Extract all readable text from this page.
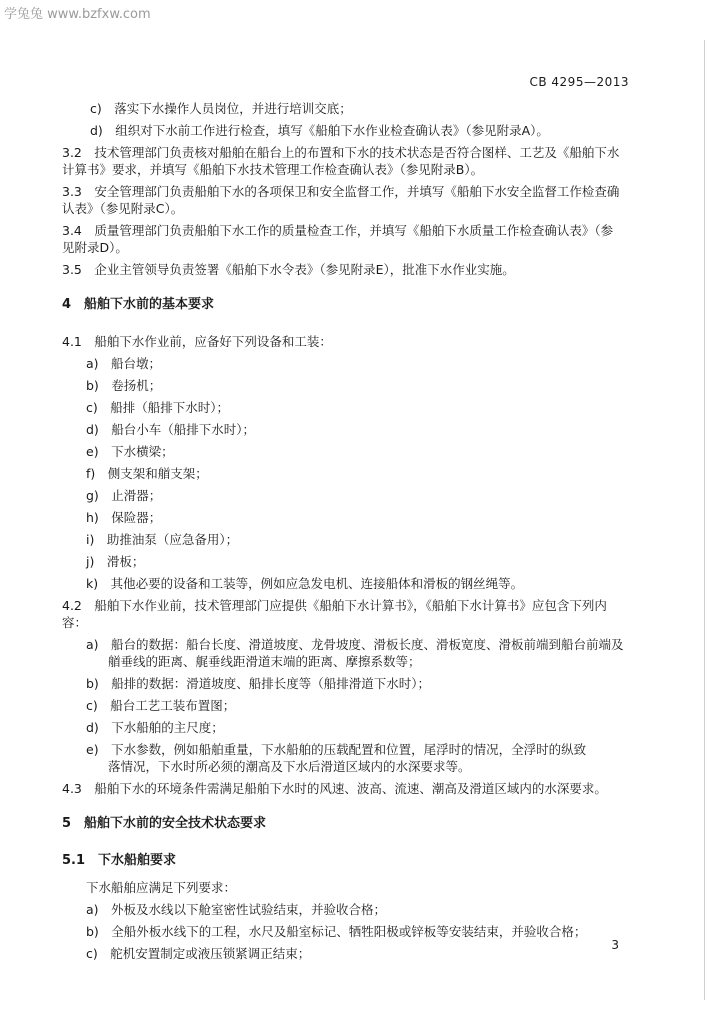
学兔兔 www.bzfxw.com
CB 4295—2013
c)　落实下水操作人员岗位，并进行培训交底；
d)　组织对下水前工作进行检查，填写《船舶下水作业检查确认表》（参见附录A）。
3.2　技术管理部门负责核对船舶在船台上的布置和下水的技术状态是否符合图样、工艺及《船舶下水
计算书》要求，并填写《船舶下水技术管理工作检查确认表》（参见附录B）。
3.3　安全管理部门负责船舶下水的各项保卫和安全监督工作，并填写《船舶下水安全监督工作检查确
认表》（参见附录C）。
3.4　质量管理部门负责船舶下水工作的质量检查工作，并填写《船舶下水质量工作检查确认表》（参
见附录D）。
3.5　企业主管领导负责签署《船舶下水令表》（参见附录E），批准下水作业实施。
4　船舶下水前的基本要求
4.1　船舶下水作业前，应备好下列设备和工装：
a)　船台墩；
b)　卷扬机；
c)　船排（船排下水时）；
d)　船台小车（船排下水时）；
e)　下水横梁；
f)　侧支架和艏支架；
g)　止滑器；
h)　保险器；
i)　助推油泵（应急备用）；
j)　滑板；
k)　其他必要的设备和工装等，例如应急发电机、连接船体和滑板的钢丝绳等。
4.2　船舶下水作业前，技术管理部门应提供《船舶下水计算书》，《船舶下水计算书》应包含下列内
容：
a)　船台的数据：船台长度、滑道坡度、龙骨坡度、滑板长度、滑板宽度、滑板前端到船台前端及
艏垂线的距离、艉垂线距滑道末端的距离、摩擦系数等；
b)　船排的数据：滑道坡度、船排长度等（船排滑道下水时）；
c)　船台工艺工装布置图；
d)　下水船舶的主尺度；
e)　下水参数，例如船舶重量，下水船舶的压载配置和位置，尾浮时的情况，全浮时的纵致
落情况，下水时所必须的潮高及下水后滑道区域内的水深要求等。
4.3　船舶下水的环境条件需满足船舶下水时的风速、波高、流速、潮高及滑道区域内的水深要求。
5　船舶下水前的安全技术状态要求
5.1　下水船舶要求
下水船舶应满足下列要求：
a)　外板及水线以下舱室密性试验结束，并验收合格；
b)　全船外板水线下的工程，水尺及船室标记、牺牲阳极或锌板等安装结束，并验收合格；
c)　舵机安置制定或液压锁紧调正结束；
3
